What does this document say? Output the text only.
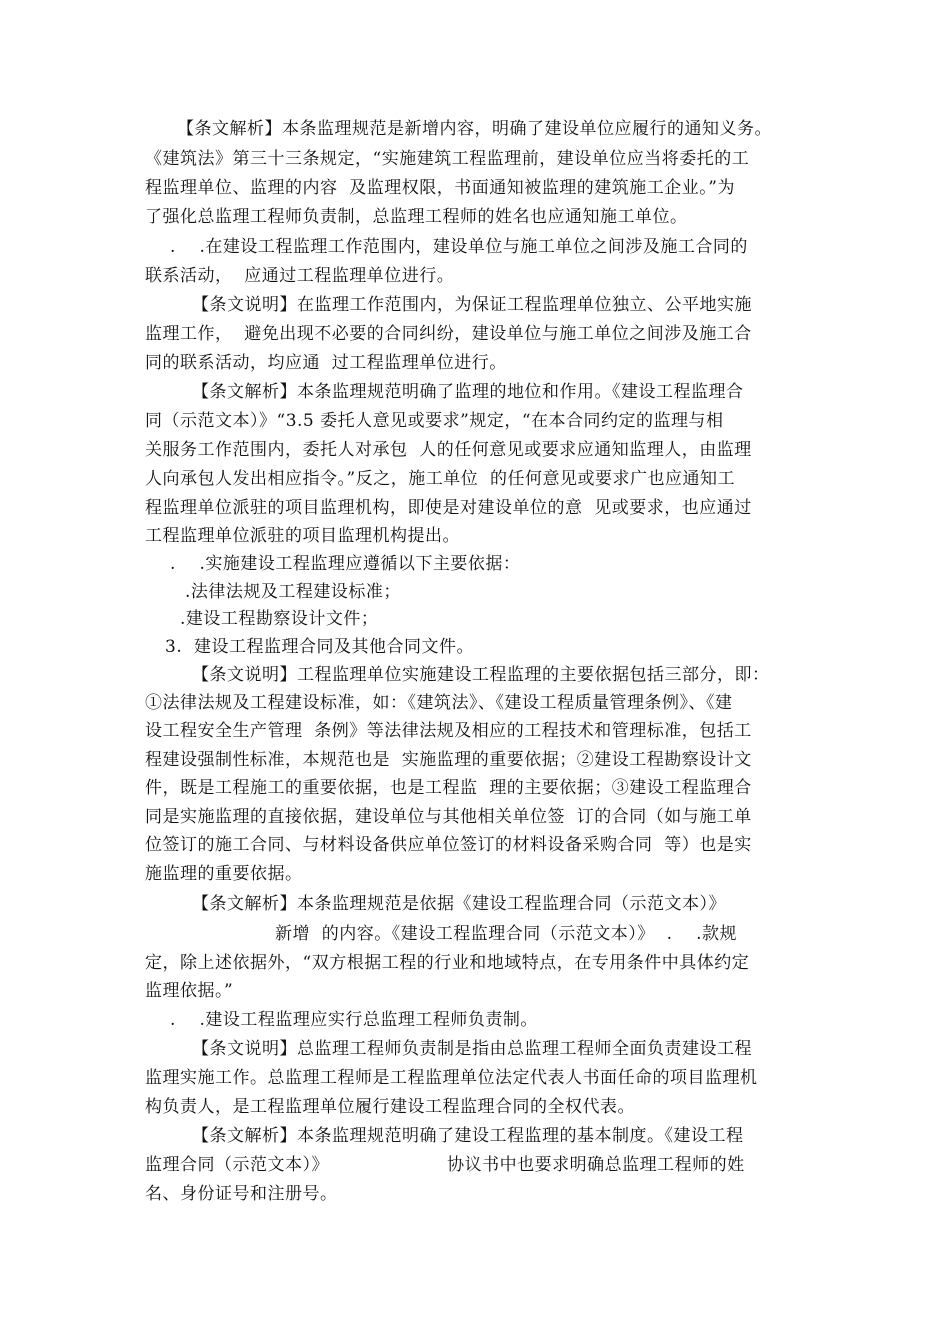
【条文解析】本条监理规范是新增内容，明确了建设单位应履行的通知义务。
《建筑法》第三十三条规定，“实施建筑工程监理前，建设单位应当将委托的工
程监理单位、监理的内容  及监理权限，书面通知被监理的建筑施工企业。”为
了强化总监理工程师负责制，总监理工程师的姓名也应通知施工单位。
.    .在建设工程监理工作范围内，建设单位与施工单位之间涉及施工合同的
联系活动，  应通过工程监理单位进行。
【条文说明】在监理工作范围内，为保证工程监理单位独立、公平地实施
监理工作，  避免出现不必要的合同纠纷，建设单位与施工单位之间涉及施工合
同的联系活动，均应通  过工程监理单位进行。
【条文解析】本条监理规范明确了监理的地位和作用。《建设工程监理合
同（示范文本）》“3.5 委托人意见或要求”规定，“在本合同约定的监理与相
关服务工作范围内，委托人对承包  人的任何意见或要求应通知监理人，由监理
人向承包人发出相应指令。”反之，施工单位  的任何意见或要求广也应通知工
程监理单位派驻的项目监理机构，即使是对建设单位的意  见或要求，也应通过
工程监理单位派驻的项目监理机构提出。
.    .实施建设工程监理应遵循以下主要依据：
.法律法规及工程建设标准；
.建设工程勘察设计文件；
3.  建设工程监理合同及其他合同文件。
【条文说明】工程监理单位实施建设工程监理的主要依据包括三部分，即：
①法律法规及工程建设标准，如：《建筑法》、《建设工程质量管理条例》、《建
设工程安全生产管理  条例》等法律法规及相应的工程技术和管理标准，包括工
程建设强制性标准，本规范也是  实施监理的重要依据；②建设工程勘察设计文
件，既是工程施工的重要依据，也是工程监  理的主要依据；③建设工程监理合
同是实施监理的直接依据，建设单位与其他相关单位签  订的合同（如与施工单
位签订的施工合同、与材料设备供应单位签订的材料设备采购合同  等）也是实
施监理的重要依据。
【条文解析】本条监理规范是依据《建设工程监理合同（示范文本）》
新增  的内容。《建设工程监理合同（示范文本）》  .    .款规
定，除上述依据外，“双方根据工程的行业和地域特点，在专用条件中具体约定
监理依据。”
.    .建设工程监理应实行总监理工程师负责制。
【条文说明】总监理工程师负责制是指由总监理工程师全面负责建设工程
监理实施工作。总监理工程师是工程监理单位法定代表人书面任命的项目监理机
构负责人，是工程监理单位履行建设工程监理合同的全权代表。
【条文解析】本条监理规范明确了建设工程监理的基本制度。《建设工程
监理合同（示范文本）》                    协议书中也要求明确总监理工程师的姓
名、身份证号和注册号。
